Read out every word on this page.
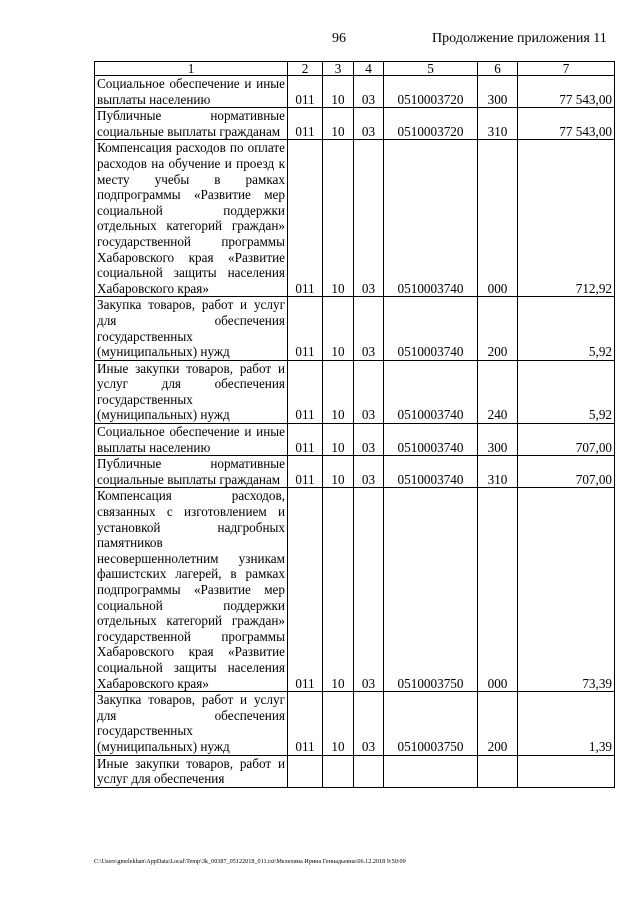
96	Продолжение приложения 11
1	2	3	4	5	6	7
Социальное обеспечение и иные выплаты населению	011	10	03	0510003720	300	77 543,00
Публичные нормативные социальные выплаты гражданам	011	10	03	0510003720	310	77 543,00
Компенсация расходов по оплате расходов на обучение и проезд к месту учебы в рамках подпрограммы «Развитие мер социальной поддержки отдельных категорий граждан» государственной программы Хабаровского края «Развитие социальной защиты населения Хабаровского края»	011	10	03	0510003740	000	712,92
Закупка товаров, работ и услуг для обеспечения государственных (муниципальных) нужд	011	10	03	0510003740	200	5,92
Иные закупки товаров, работ и услуг для обеспечения государственных (муниципальных) нужд	011	10	03	0510003740	240	5,92
Социальное обеспечение и иные выплаты населению	011	10	03	0510003740	300	707,00
Публичные нормативные социальные выплаты гражданам	011	10	03	0510003740	310	707,00
Компенсация расходов, связанных с изготовлением и установкой надгробных памятников несовершеннолетним узникам фашистских лагерей, в рамках подпрограммы «Развитие мер социальной поддержки отдельных категорий граждан» государственной программы Хабаровского края «Развитие социальной защиты населения Хабаровского края»	011	10	03	0510003750	000	73,39
Закупка товаров, работ и услуг для обеспечения государственных (муниципальных) нужд	011	10	03	0510003750	200	1,39
Иные закупки товаров, работ и услуг для обеспечения						
C:\Users\gmelekhan\AppData\Local\Temp\3k_00387_05122018_011.txt\Мелехина Ирина Геннадьевна\06.12.2018 9:50:09
